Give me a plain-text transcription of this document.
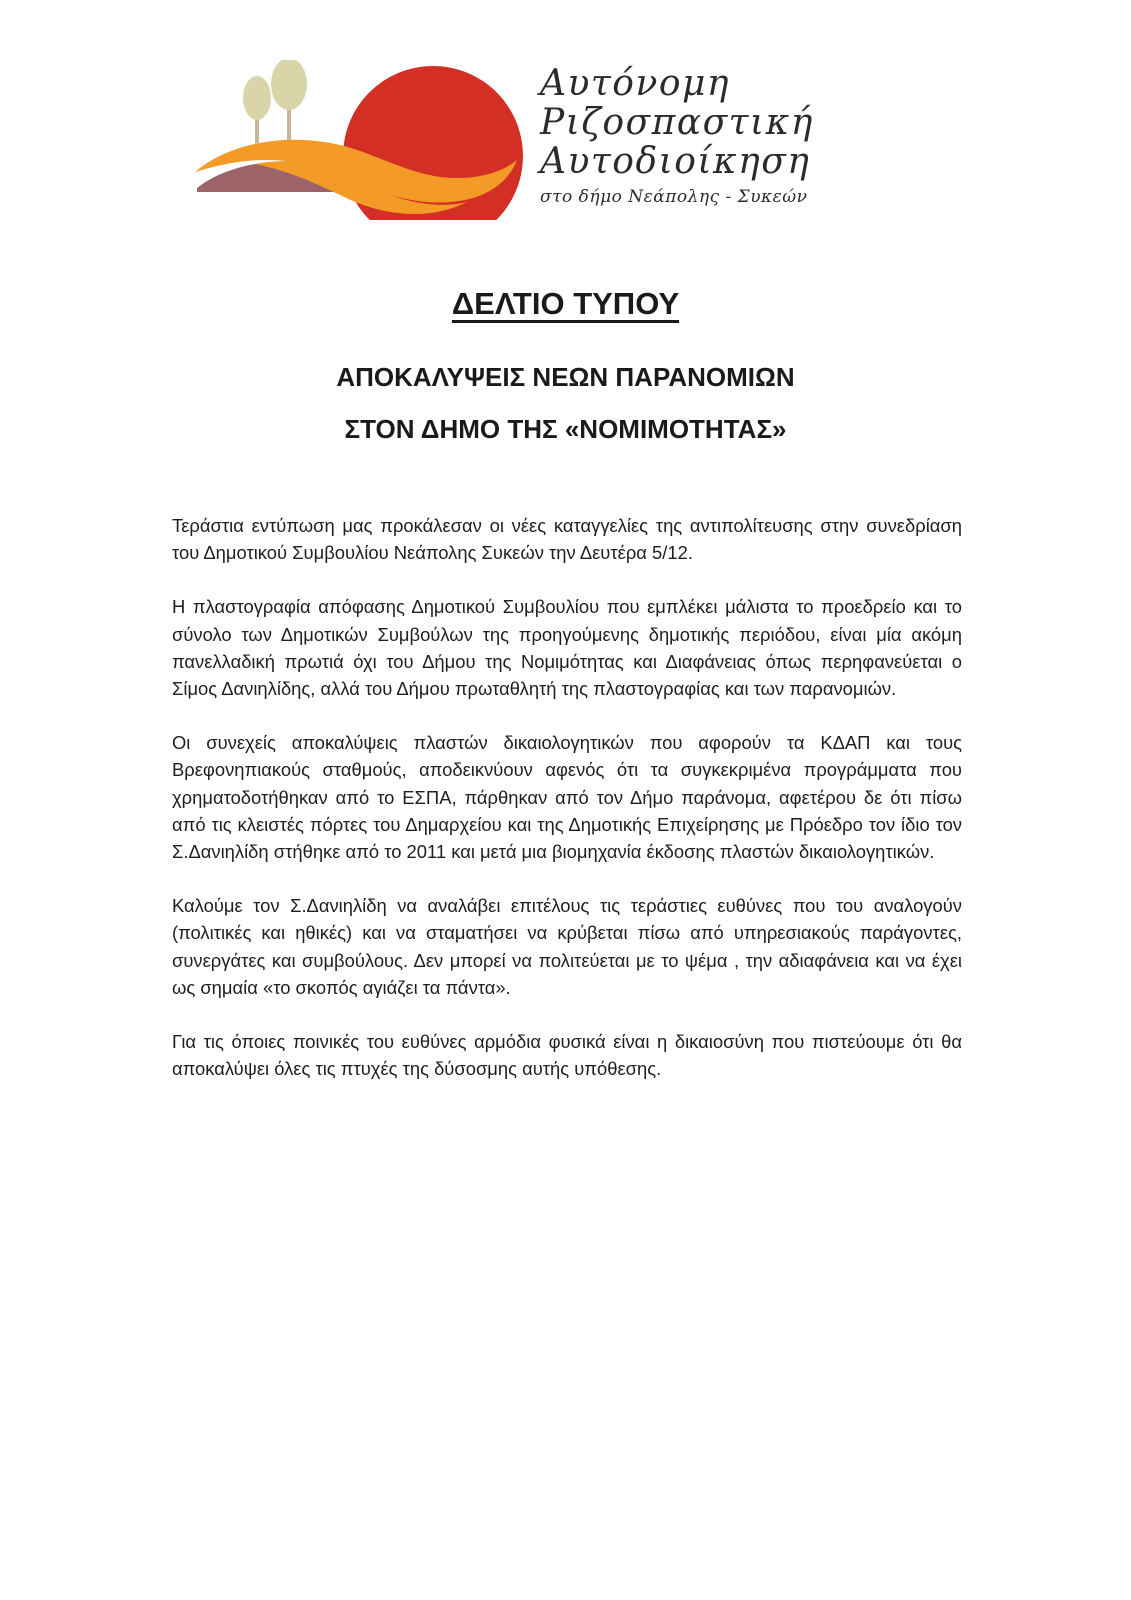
Αυτόνομη
Ριζοσπαστική
Αυτοδιοίκηση
στο δήμο Νεάπολης - Συκεών
ΔΕΛΤΙΟ ΤΥΠΟΥ
ΑΠΟΚΑΛΥΨΕΙΣ ΝΕΩΝ ΠΑΡΑΝΟΜΙΩΝ
ΣΤΟΝ ΔΗΜΟ ΤΗΣ «ΝΟΜΙΜΟΤΗΤΑΣ»

Τεράστια εντύπωση μας προκάλεσαν οι νέες καταγγελίες της αντιπολίτευσης στην συνεδρίαση του Δημοτικού Συμβουλίου Νεάπολης Συκεών την Δευτέρα 5/12.

Η πλαστογραφία απόφασης Δημοτικού Συμβουλίου που εμπλέκει μάλιστα το προεδρείο και το σύνολο των Δημοτικών Συμβούλων της προηγούμενης δημοτικής περιόδου, είναι μία ακόμη πανελλαδική πρωτιά όχι του Δήμου της Νομιμότητας και Διαφάνειας όπως περηφανεύεται ο Σίμος Δανιηλίδης, αλλά του Δήμου πρωταθλητή της πλαστογραφίας και των παρανομιών.

Οι συνεχείς αποκαλύψεις πλαστών δικαιολογητικών που αφορούν τα ΚΔΑΠ και τους Βρεφονηπιακούς σταθμούς, αποδεικνύουν αφενός ότι τα συγκεκριμένα προγράμματα που χρηματοδοτήθηκαν από το ΕΣΠΑ, πάρθηκαν από τον Δήμο παράνομα, αφετέρου δε ότι πίσω από τις κλειστές πόρτες του Δημαρχείου και της Δημοτικής Επιχείρησης με Πρόεδρο τον ίδιο τον Σ.Δανιηλίδη στήθηκε από το 2011 και μετά μια βιομηχανία έκδοσης πλαστών δικαιολογητικών.

Καλούμε τον Σ.Δανιηλίδη να αναλάβει επιτέλους τις τεράστιες ευθύνες που του αναλογούν (πολιτικές και ηθικές) και να σταματήσει να κρύβεται πίσω από υπηρεσιακούς παράγοντες, συνεργάτες και συμβούλους. Δεν μπορεί να πολιτεύεται με το ψέμα , την αδιαφάνεια και να έχει ως σημαία «το σκοπός αγιάζει τα πάντα».

Για τις όποιες ποινικές του ευθύνες αρμόδια φυσικά είναι η δικαιοσύνη που πιστεύουμε ότι θα αποκαλύψει όλες τις πτυχές της δύσοσμης αυτής υπόθεσης.
